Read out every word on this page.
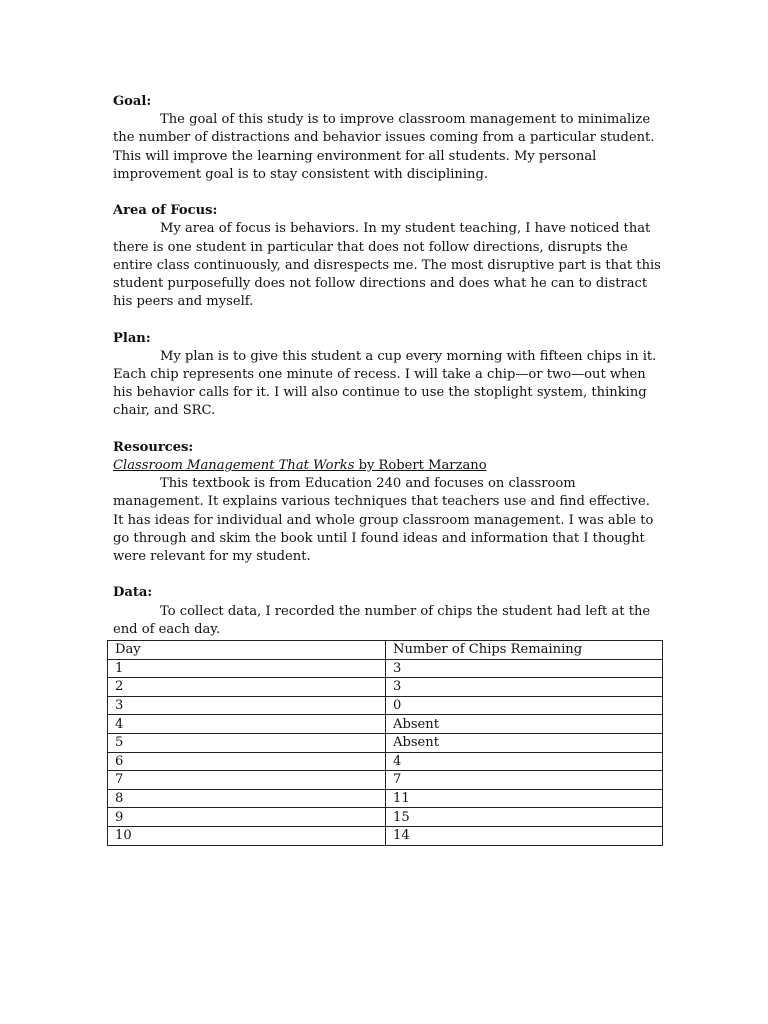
Goal:
The goal of this study is to improve classroom management to minimalize the number of distractions and behavior issues coming from a particular student. This will improve the learning environment for all students. My personal improvement goal is to stay consistent with disciplining.
Area of Focus:
My area of focus is behaviors. In my student teaching, I have noticed that there is one student in particular that does not follow directions, disrupts the entire class continuously, and disrespects me. The most disruptive part is that this student purposefully does not follow directions and does what he can to distract his peers and myself.
Plan:
My plan is to give this student a cup every morning with fifteen chips in it. Each chip represents one minute of recess. I will take a chip—or two—out when his behavior calls for it. I will also continue to use the stoplight system, thinking chair, and SRC.
Resources:
Classroom Management That Works by Robert Marzano
This textbook is from Education 240 and focuses on classroom management. It explains various techniques that teachers use and find effective. It has ideas for individual and whole group classroom management. I was able to go through and skim the book until I found ideas and information that I thought were relevant for my student.
Data:
To collect data, I recorded the number of chips the student had left at the end of each day.
Day	Number of Chips Remaining
1	3
2	3
3	0
4	Absent
5	Absent
6	4
7	7
8	11
9	15
10	14
